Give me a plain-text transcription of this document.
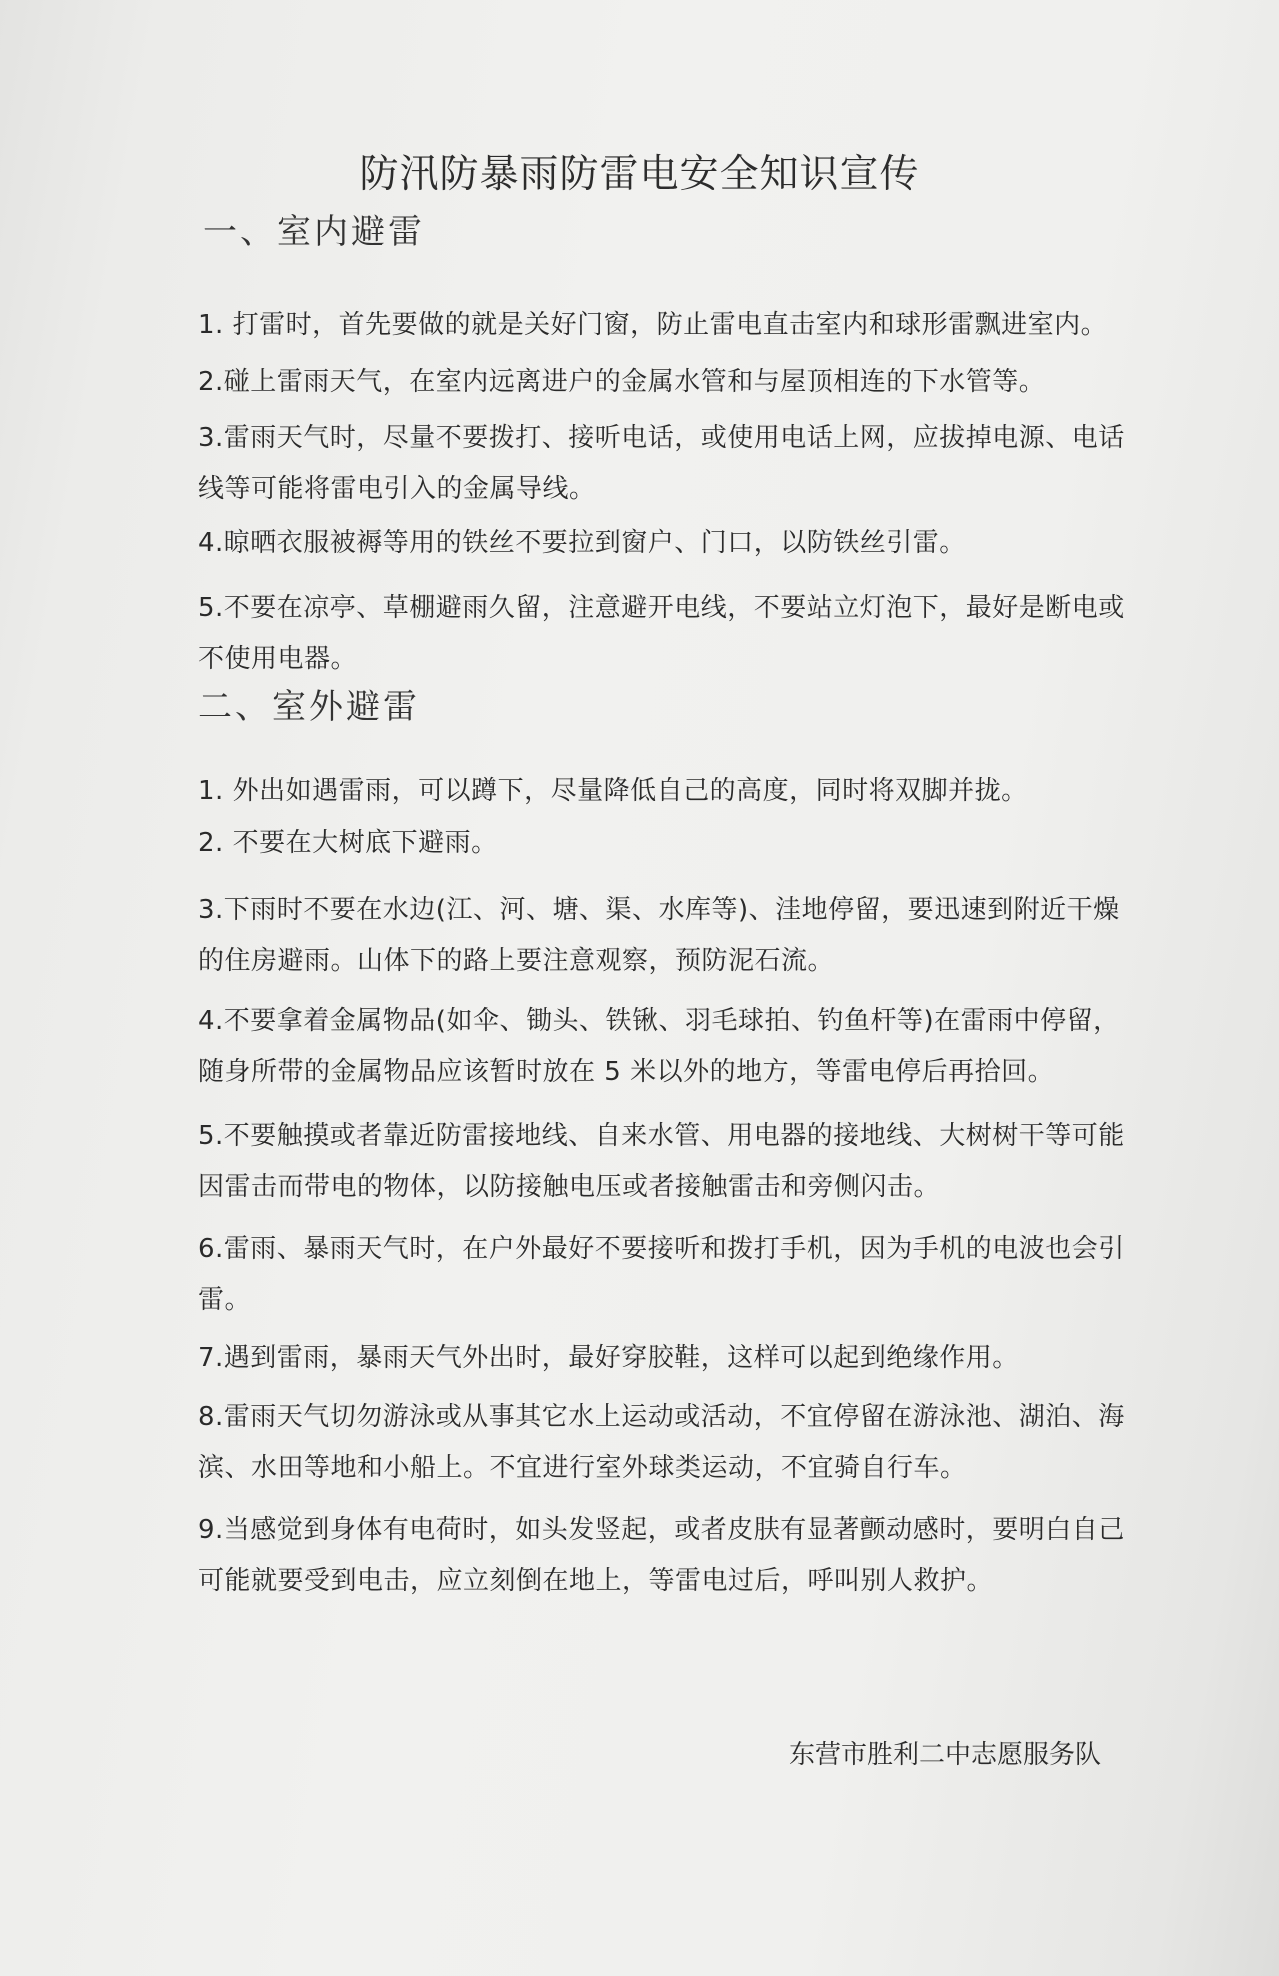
防汛防暴雨防雷电安全知识宣传
一、室内避雷
1. 打雷时，首先要做的就是关好门窗，防止雷电直击室内和球形雷飘进室内。
2.碰上雷雨天气，在室内远离进户的金属水管和与屋顶相连的下水管等。
3.雷雨天气时，尽量不要拨打、接听电话，或使用电话上网，应拔掉电源、电话线等可能将雷电引入的金属导线。
4.晾晒衣服被褥等用的铁丝不要拉到窗户、门口，以防铁丝引雷。
5.不要在凉亭、草棚避雨久留，注意避开电线，不要站立灯泡下，最好是断电或不使用电器。
二、室外避雷
1. 外出如遇雷雨，可以蹲下，尽量降低自己的高度，同时将双脚并拢。
2. 不要在大树底下避雨。
3.下雨时不要在水边(江、河、塘、渠、水库等)、洼地停留，要迅速到附近干燥的住房避雨。山体下的路上要注意观察，预防泥石流。
4.不要拿着金属物品(如伞、锄头、铁锹、羽毛球拍、钓鱼杆等)在雷雨中停留，随身所带的金属物品应该暂时放在 5 米以外的地方，等雷电停后再拾回。
5.不要触摸或者靠近防雷接地线、自来水管、用电器的接地线、大树树干等可能因雷击而带电的物体，以防接触电压或者接触雷击和旁侧闪击。
6.雷雨、暴雨天气时，在户外最好不要接听和拨打手机，因为手机的电波也会引雷。
7.遇到雷雨，暴雨天气外出时，最好穿胶鞋，这样可以起到绝缘作用。
8.雷雨天气切勿游泳或从事其它水上运动或活动，不宜停留在游泳池、湖泊、海滨、水田等地和小船上。不宜进行室外球类运动，不宜骑自行车。
9.当感觉到身体有电荷时，如头发竖起，或者皮肤有显著颤动感时，要明白自己可能就要受到电击，应立刻倒在地上，等雷电过后，呼叫别人救护。
东营市胜利二中志愿服务队
